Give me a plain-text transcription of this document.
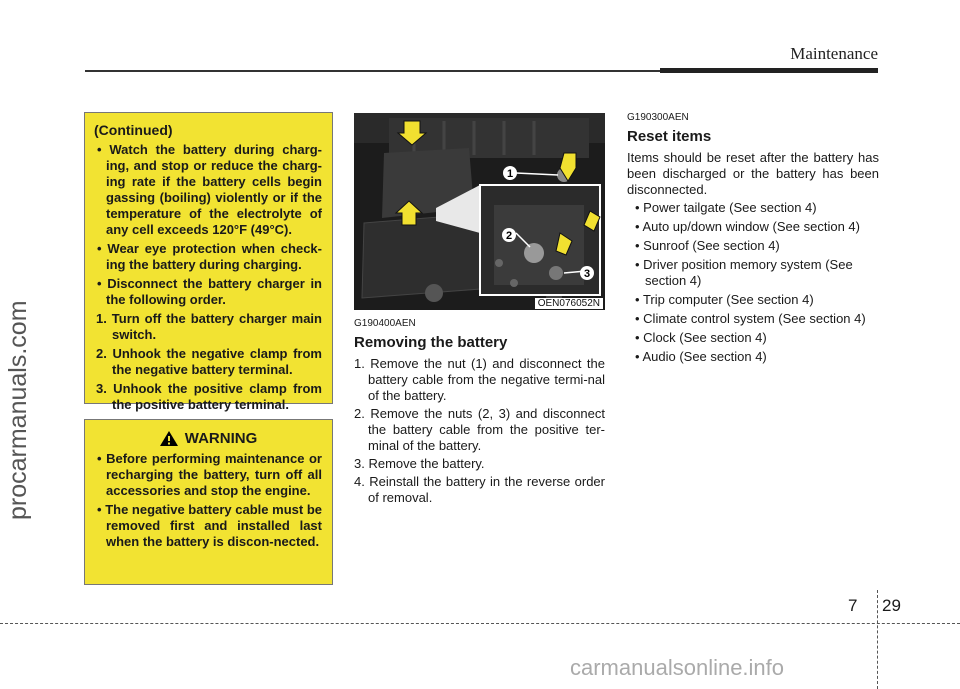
Maintenance
procarmanuals.com
(Continued)
• Watch the battery during charg-ing, and stop or reduce the charg-ing rate if the battery cells begin gassing (boiling) violently or if the temperature of the electrolyte of any cell exceeds 120°F (49°C).
• Wear eye protection when check-ing the battery during charging.
• Disconnect the battery charger in the following order.
1. Turn off the battery charger main switch.
2. Unhook the negative clamp from the negative battery terminal.
3. Unhook the positive clamp from the positive battery terminal.
WARNING
• Before performing maintenance or recharging the battery, turn off all accessories and stop the engine.
• The negative battery cable must be removed first and installed last when the battery is discon-nected.
1
2
3
OEN076052N
G190400AEN
Removing the battery
1. Remove the nut (1) and disconnect the battery cable from the negative termi-nal of the battery.
2. Remove the nuts (2, 3) and disconnect the battery cable from the positive ter-minal of the battery.
3. Remove the battery.
4. Reinstall the battery in the reverse order of removal.
G190300AEN
Reset items

Items should be reset after the battery has been discharged or the battery has been disconnected.

• Power tailgate (See section 4)
• Auto up/down window (See section 4)
• Sunroof (See section 4)
• Driver position memory system (See section 4)
• Trip computer (See section 4)
• Climate control system (See section 4)
• Clock (See section 4)
• Audio (See section 4)
7 29
carmanualsonline.info
